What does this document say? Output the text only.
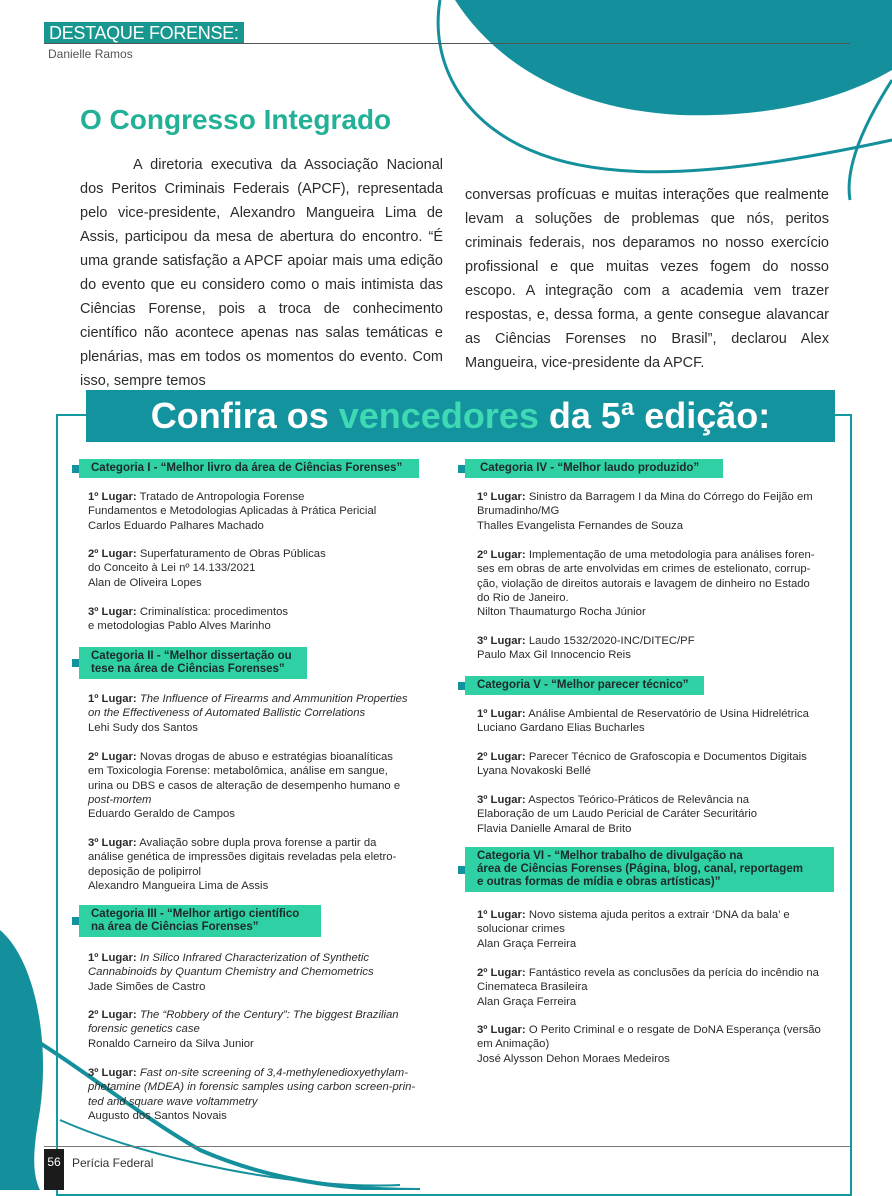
DESTAQUE FORENSE:
Danielle Ramos
O Congresso Integrado

A diretoria executiva da Associação Nacional dos Peritos Criminais Federais (APCF), representada pelo vice-presidente, Alexandro Mangueira Lima de Assis, participou da mesa de abertura do encontro. “É uma grande satisfação a APCF apoiar mais uma edição do evento que eu considero como o mais intimista das Ciências Forense, pois a troca de conhecimento científico não acontece apenas nas salas temáticas e plenárias, mas em todos os momentos do evento. Com isso, sempre temos

conversas profícuas e muitas interações que realmente levam a soluções de problemas que nós, peritos criminais federais, nos deparamos no nosso exercício profissional e que muitas vezes fogem do nosso escopo. A integração com a academia vem trazer respostas, e, dessa forma, a gente consegue alavancar as Ciências Forenses no Brasil”, declarou Alex Mangueira, vice-presidente da APCF.

Confira os vencedores da 5ª edição:
Categoria I - “Melhor livro da área de Ciências Forenses”
1º Lugar: Tratado de Antropologia Forense
Fundamentos e Metodologias Aplicadas à Prática Pericial
Carlos Eduardo Palhares Machado
2º Lugar: Superfaturamento de Obras Públicas
do Conceito à Lei nº 14.133/2021
Alan de Oliveira Lopes
3º Lugar: Criminalística: procedimentos
e metodologias Pablo Alves Marinho
Categoria II - “Melhor dissertação ou
tese na área de Ciências Forenses”
1º Lugar: The Influence of Firearms and Ammunition Properties
on the Effectiveness of Automated Ballistic Correlations
Lehi Sudy dos Santos
2º Lugar: Novas drogas de abuso e estratégias bioanalíticas
em Toxicologia Forense: metabolômica, análise em sangue,
urina ou DBS e casos de alteração de desempenho humano e
post-mortem
Eduardo Geraldo de Campos
3º Lugar: Avaliação sobre dupla prova forense a partir da
análise genética de impressões digitais reveladas pela eletro-
deposição de polipirrol
Alexandro Mangueira Lima de Assis
Categoria III - “Melhor artigo científico
na área de Ciências Forenses”
1º Lugar: In Silico Infrared Characterization of Synthetic
Cannabinoids by Quantum Chemistry and Chemometrics
Jade Simões de Castro
2º Lugar: The “Robbery of the Century”: The biggest Brazilian
forensic genetics case
Ronaldo Carneiro da Silva Junior
3º Lugar: Fast on-site screening of 3,4-methylenedioxyethylam-
phetamine (MDEA) in forensic samples using carbon screen-prin-
ted and square wave voltammetry
Augusto dos Santos Novais
Categoria IV - “Melhor laudo produzido”
1º Lugar: Sinistro da Barragem I da Mina do Córrego do Feijão em
Brumadinho/MG
Thalles Evangelista Fernandes de Souza
2º Lugar: Implementação de uma metodologia para análises foren-
ses em obras de arte envolvidas em crimes de estelionato, corrup-
ção, violação de direitos autorais e lavagem de dinheiro no Estado
do Rio de Janeiro.
Nilton Thaumaturgo Rocha Júnior
3º Lugar: Laudo 1532/2020-INC/DITEC/PF
Paulo Max Gil Innocencio Reis
Categoria V - “Melhor parecer técnico”
1º Lugar: Análise Ambiental de Reservatório de Usina Hidrelétrica
Luciano Gardano Elias Bucharles
2º Lugar: Parecer Técnico de Grafoscopia e Documentos Digitais
Lyana Novakoski Bellé
3º Lugar: Aspectos Teórico-Práticos de Relevância na
Elaboração de um Laudo Pericial de Caráter Securitário
Flavia Danielle Amaral de Brito
Categoria VI - “Melhor trabalho de divulgação na
área de Ciências Forenses (Página, blog, canal, reportagem
e outras formas de mídia e obras artísticas)”
1º Lugar: Novo sistema ajuda peritos a extrair ‘DNA da bala’ e
solucionar crimes
Alan Graça Ferreira
2º Lugar: Fantástico revela as conclusões da perícia do incêndio na
Cinemateca Brasileira
Alan Graça Ferreira
3º Lugar: O Perito Criminal e o resgate de DoNA Esperança (versão
em Animação)
José Alysson Dehon Moraes Medeiros
56 Perícia Federal
